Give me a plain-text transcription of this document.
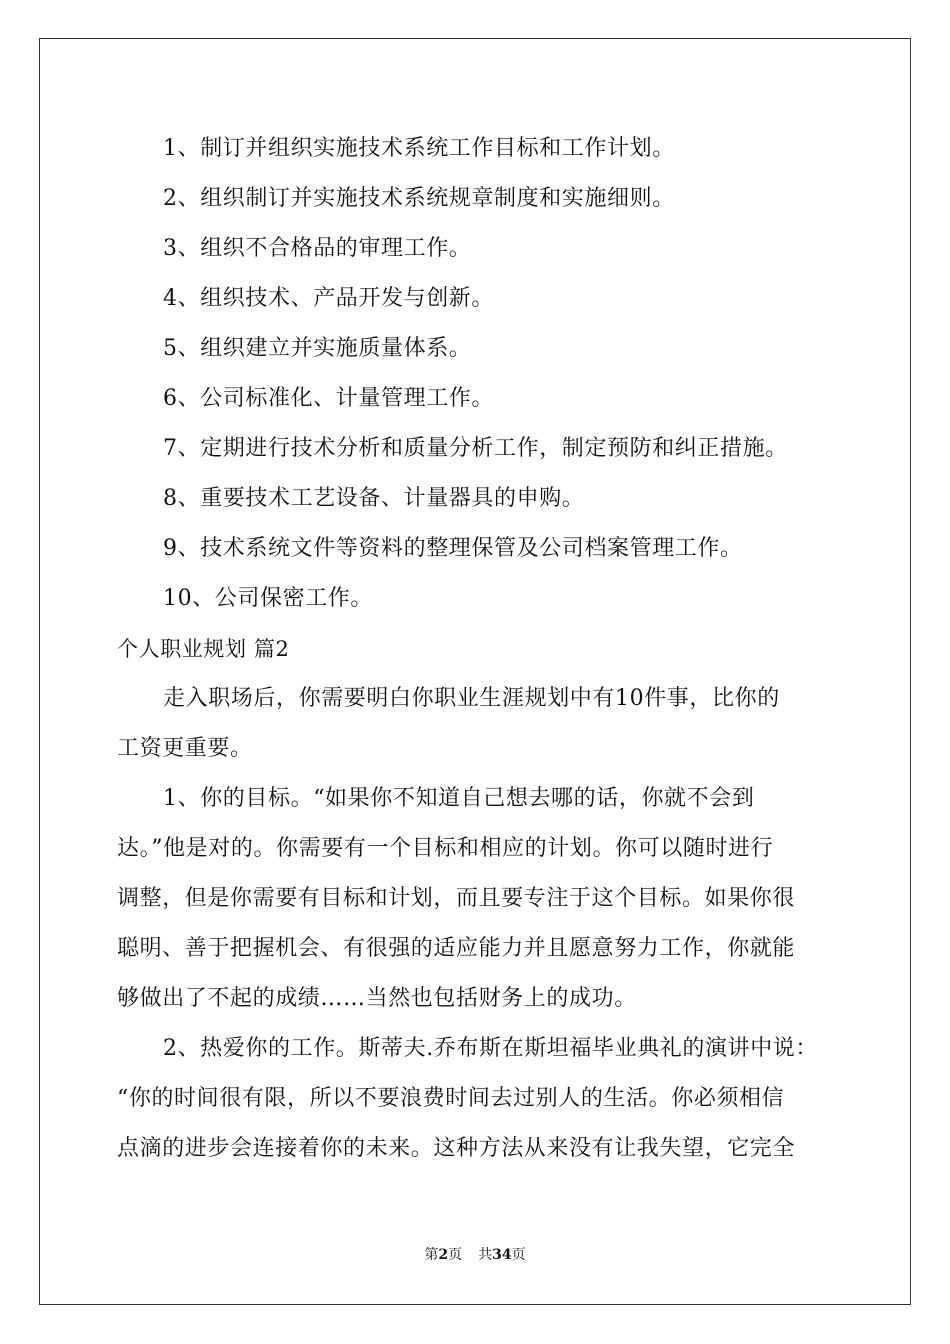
1、制订并组织实施技术系统工作目标和工作计划。
2、组织制订并实施技术系统规章制度和实施细则。
3、组织不合格品的审理工作。
4、组织技术、产品开发与创新。
5、组织建立并实施质量体系。
6、公司标准化、计量管理工作。
7、定期进行技术分析和质量分析工作，制定预防和纠正措施。
8、重要技术工艺设备、计量器具的申购。
9、技术系统文件等资料的整理保管及公司档案管理工作。
10、公司保密工作。
个人职业规划 篇2
走入职场后，你需要明白你职业生涯规划中有10件事，比你的
工资更重要。
1、你的目标。“如果你不知道自己想去哪的话，你就不会到
达。”他是对的。你需要有一个目标和相应的计划。你可以随时进行
调整，但是你需要有目标和计划，而且要专注于这个目标。如果你很
聪明、善于把握机会、有很强的适应能力并且愿意努力工作，你就能
够做出了不起的成绩……当然也包括财务上的成功。
2、热爱你的工作。斯蒂夫.乔布斯在斯坦福毕业典礼的演讲中说：
“你的时间很有限，所以不要浪费时间去过别人的生活。你必须相信
点滴的进步会连接着你的未来。这种方法从来没有让我失望，它完全
第2页 共34页
